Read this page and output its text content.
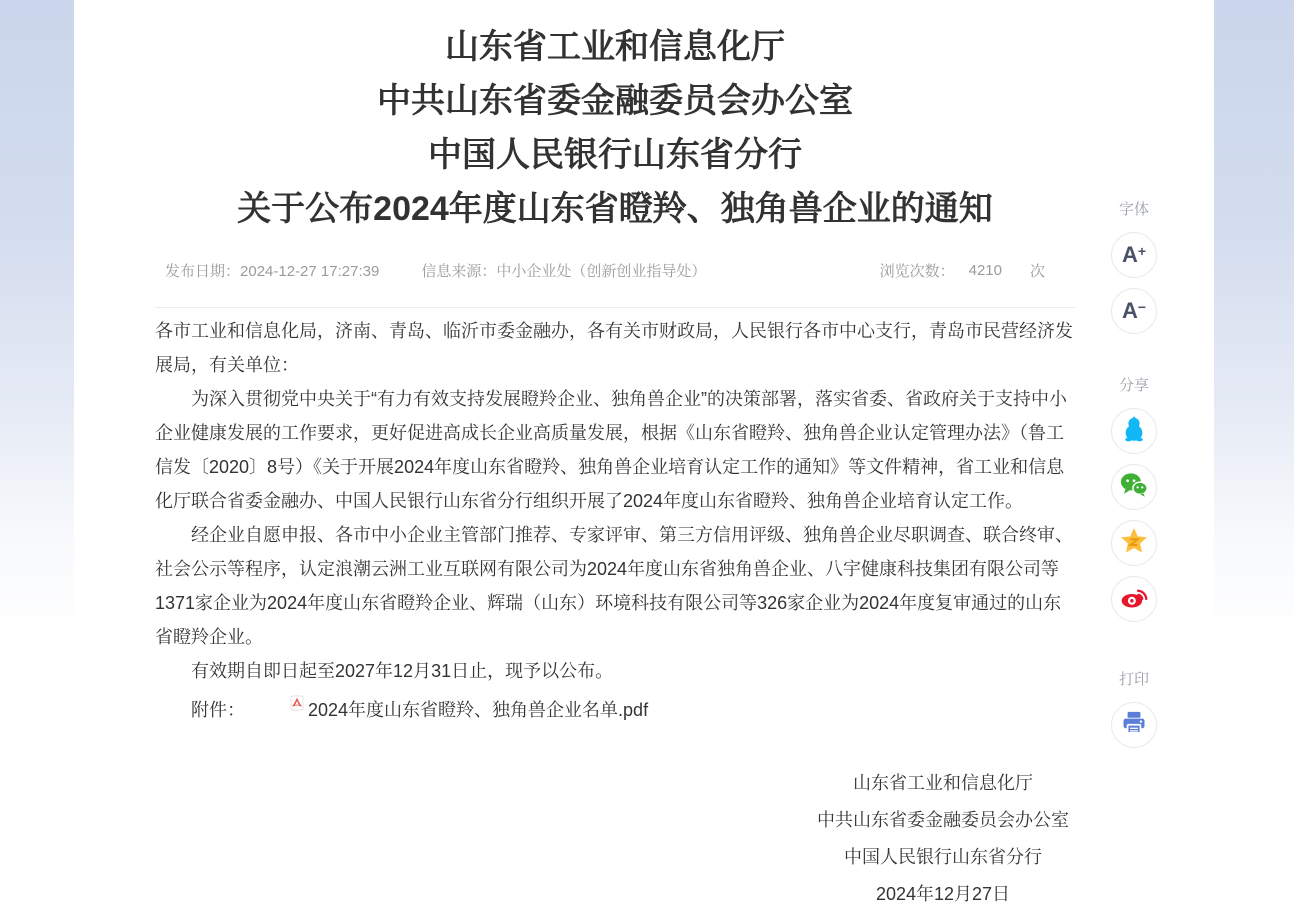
山东省工业和信息化厅
中共山东省委金融委员会办公室
中国人民银行山东省分行
关于公布2024年度山东省瞪羚、独角兽企业的通知
发布日期：2024-12-27 17:27:39	信息来源：中小企业处（创新创业指导处）	浏览次数： 4210 次

各市工业和信息化局，济南、青岛、临沂市委金融办，各有关市财政局，人民银行各市中心支行，青岛市民营经济发展局，有关单位：

为深入贯彻党中央关于“有力有效支持发展瞪羚企业、独角兽企业”的决策部署，落实省委、省政府关于支持中小企业健康发展的工作要求，更好促进高成长企业高质量发展，根据《山东省瞪羚、独角兽企业认定管理办法》（鲁工信发〔2020〕8号）《关于开展2024年度山东省瞪羚、独角兽企业培育认定工作的通知》等文件精神，省工业和信息化厅联合省委金融办、中国人民银行山东省分行组织开展了2024年度山东省瞪羚、独角兽企业培育认定工作。

经企业自愿申报、各市中小企业主管部门推荐、专家评审、第三方信用评级、独角兽企业尽职调查、联合终审、社会公示等程序，认定浪潮云洲工业互联网有限公司为2024年度山东省独角兽企业、八宇健康科技集团有限公司等1371家企业为2024年度山东省瞪羚企业、辉瑞（山东）环境科技有限公司等326家企业为2024年度复审通过的山东省瞪羚企业。

有效期自即日起至2027年12月31日止，现予以公布。

附件：	2024年度山东省瞪羚、独角兽企业名单.pdf

山东省工业和信息化厅
中共山东省委金融委员会办公室
中国人民银行山东省分行
2024年12月27日
字体
A+
A−
分享
打印
